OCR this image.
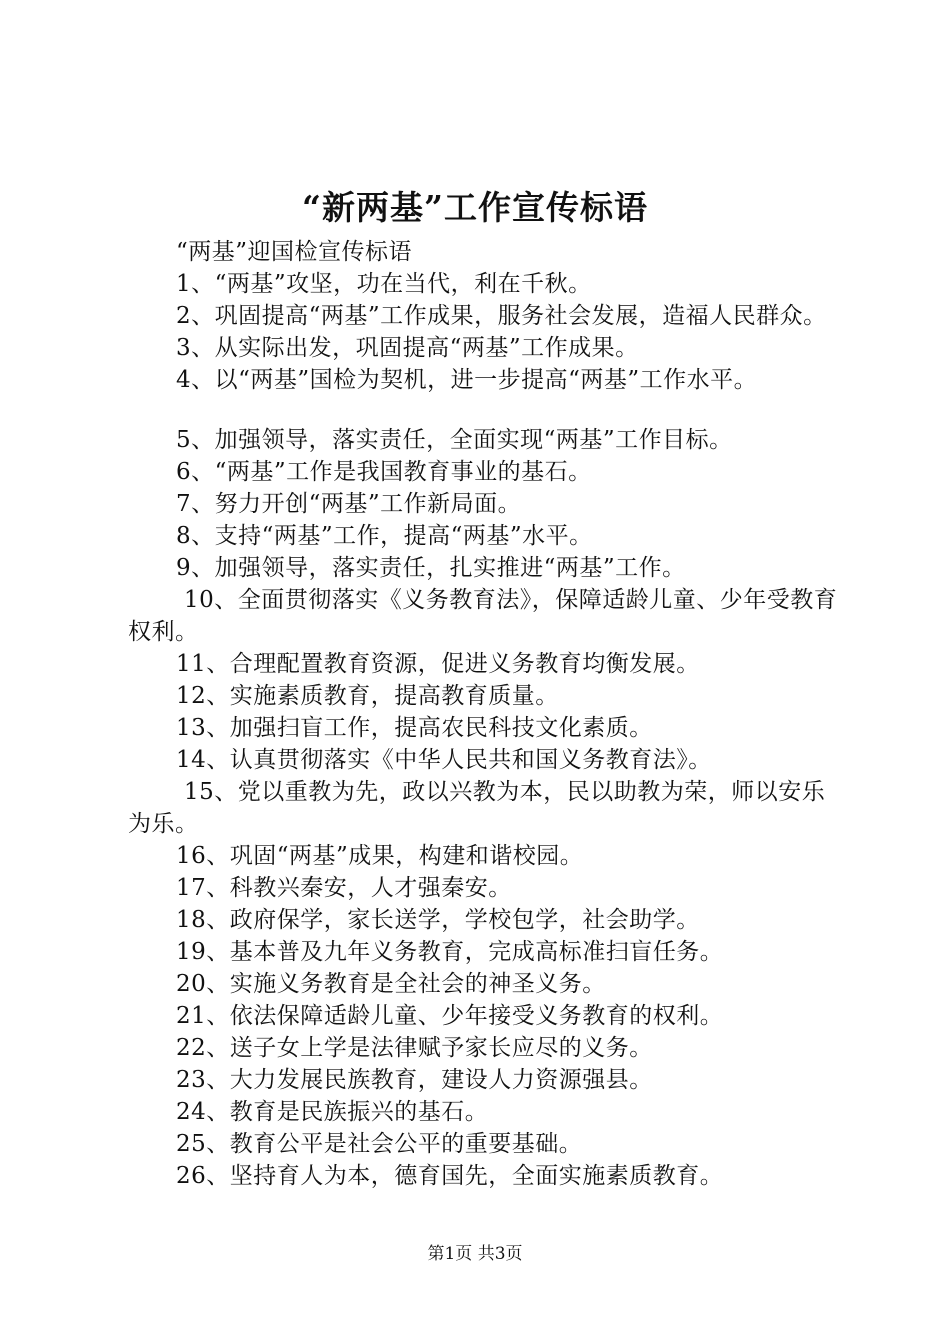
“新两基”工作宣传标语

“两基”迎国检宣传标语

1、“两基”攻坚，功在当代，利在千秋。

2、巩固提高“两基”工作成果，服务社会发展，造福人民群众。

3、从实际出发，巩固提高“两基”工作成果。

4、以“两基”国检为契机，进一步提高“两基”工作水平。

5、加强领导，落实责任，全面实现“两基”工作目标。

6、“两基”工作是我国教育事业的基石。

7、努力开创“两基”工作新局面。

8、支持“两基”工作，提高“两基”水平。

9、加强领导，落实责任，扎实推进“两基”工作。

10、全面贯彻落实《义务教育法》，保障适龄儿童、少年受教育权利。

11、合理配置教育资源，促进义务教育均衡发展。

12、实施素质教育，提高教育质量。

13、加强扫盲工作，提高农民科技文化素质。

14、认真贯彻落实《中华人民共和国义务教育法》。

15、党以重教为先，政以兴教为本，民以助教为荣，师以安乐为乐。

16、巩固“两基”成果，构建和谐校园。

17、科教兴秦安，人才强秦安。

18、政府保学，家长送学，学校包学，社会助学。

19、基本普及九年义务教育，完成高标准扫盲任务。

20、实施义务教育是全社会的神圣义务。

21、依法保障适龄儿童、少年接受义务教育的权利。

22、送子女上学是法律赋予家长应尽的义务。

23、大力发展民族教育，建设人力资源强县。

24、教育是民族振兴的基石。

25、教育公平是社会公平的重要基础。

26、坚持育人为本，德育国先，全面实施素质教育。

第1页 共3页
